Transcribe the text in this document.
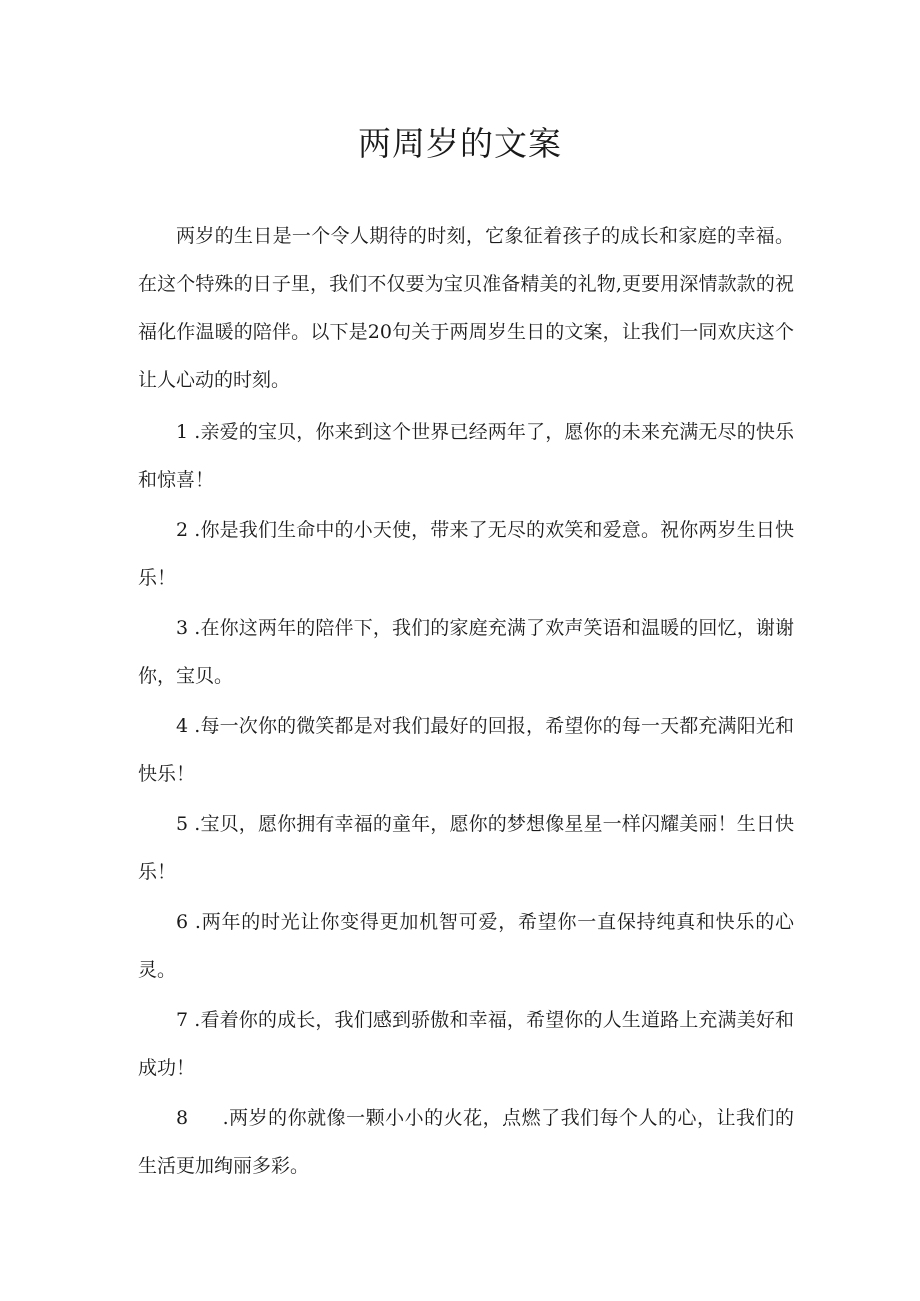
两周岁的文案

两岁的生日是一个令人期待的时刻，它象征着孩子的成长和家庭的幸福。在这个特殊的日子里，我们不仅要为宝贝准备精美的礼物,更要用深情款款的祝福化作温暖的陪伴。以下是20句关于两周岁生日的文案，让我们一同欢庆这个让人心动的时刻。

1 .亲爱的宝贝，你来到这个世界已经两年了，愿你的未来充满无尽的快乐和惊喜！

2 .你是我们生命中的小天使，带来了无尽的欢笑和爱意。祝你两岁生日快乐！

3 .在你这两年的陪伴下，我们的家庭充满了欢声笑语和温暖的回忆，谢谢你，宝贝。

4 .每一次你的微笑都是对我们最好的回报，希望你的每一天都充满阳光和快乐！

5 .宝贝，愿你拥有幸福的童年，愿你的梦想像星星一样闪耀美丽！生日快乐！

6 .两年的时光让你变得更加机智可爱，希望你一直保持纯真和快乐的心灵。

7 .看着你的成长，我们感到骄傲和幸福，希望你的人生道路上充满美好和成功！

8 .两岁的你就像一颗小小的火花，点燃了我们每个人的心，让我们的生活更加绚丽多彩。
